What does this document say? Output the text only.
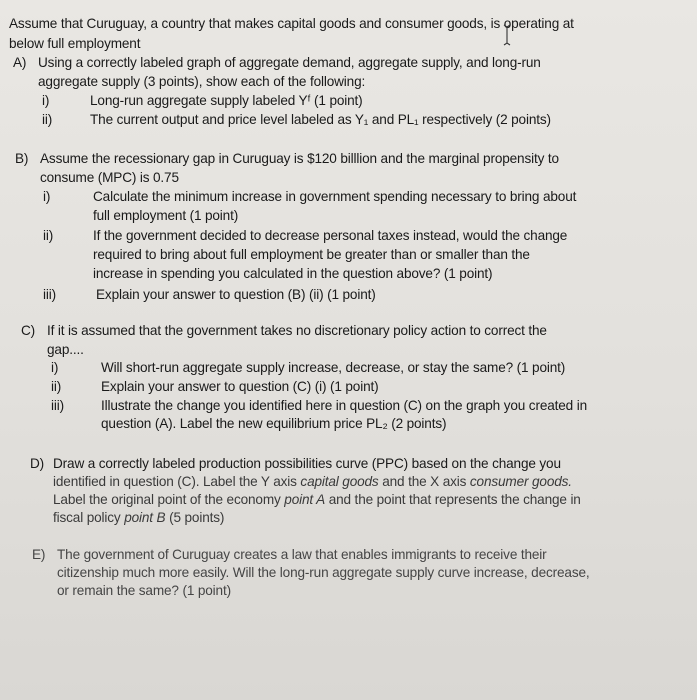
Assume that Curuguay, a country that makes capital goods and consumer goods, is operating at
below full employment
A) Using a correctly labeled graph of aggregate demand, aggregate supply, and long-run
aggregate supply (3 points), show each of the following:
i)	Long-run aggregate supply labeled Yᶠ (1 point)
ii)	The current output and price level labeled as Y₁ and PL₁ respectively (2 points)
B) Assume the recessionary gap in Curuguay is $120 billlion and the marginal propensity to
consume (MPC) is 0.75
i)	Calculate the minimum increase in government spending necessary to bring about
full employment (1 point)
ii)	If the government decided to decrease personal taxes instead, would the change
required to bring about full employment be greater than or smaller than the
increase in spending you calculated in the question above? (1 point)
iii)	Explain your answer to question (B) (ii) (1 point)
C) If it is assumed that the government takes no discretionary policy action to correct the
gap....
i)	Will short-run aggregate supply increase, decrease, or stay the same? (1 point)
ii)	Explain your answer to question (C) (i) (1 point)
iii)	Illustrate the change you identified here in question (C) on the graph you created in
question (A). Label the new equilibrium price PL₂ (2 points)
D) Draw a correctly labeled production possibilities curve (PPC) based on the change you
identified in question (C). Label the Y axis capital goods and the X axis consumer goods.
Label the original point of the economy point A and the point that represents the change in
fiscal policy point B (5 points)
E) The government of Curuguay creates a law that enables immigrants to receive their
citizenship much more easily. Will the long-run aggregate supply curve increase, decrease,
or remain the same? (1 point)
